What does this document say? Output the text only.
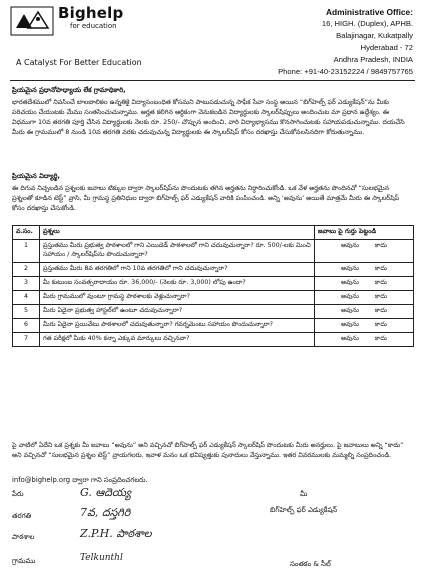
Bighelp
for education
A Catalyst For Better Education
Administrative Office:
16, HIGH. (Duplex), APHB.
Balajinagar, Kukatpally
Hyderabad - 72
Andhra Pradesh, INDIA
Phone: +91-40-23152224 / 9849757765
ప్రియమైన ప్రధానోపాధ్యాయ లేక గ్రామాధికారి,
భారతదేశములో నివసించే బాలబాలికల ఉన్నతికై విద్యాసంబంధిత కోసమని పాటుపడుచున్న సాఫీక సేవా సంస్థ అయిన “బిగ్‌హెల్ప్ ఫర్ ఎడ్యుకేషన్”ను మీకు పరిచయం చేయుటకు మేము సంతసించుచున్నాము. అర్హత కలిగిన ఆర్థికంగా వెనుకబడిన విద్యార్థులకు స్కాలర్‌షిప్పులు అందించుట మా ప్రధాన ఉద్దేశ్యం. ఈ విధముగా 10వ తరగతి పూర్తి చేసిన విద్యార్థులకు నెలకు రూ. 250/- చొప్పున అందించి, వారి విద్యాభ్యాసము కొనసాగించుటకు సహాయపడుచున్నాము. దయచేసి మీరు ఈ గ్రామములో 8 నుండి 10వ తరగతి వరకు చదువుచున్న విద్యార్థులకు ఈ స్కాలర్‌షిప్ కోసం దరఖాస్తు చేసుకోవలసినదిగా కోరుతున్నాము.
ప్రియమైన విద్యార్థి,
ఈ దిగువ నిచ్చబడిన ప్రశ్నలకు జవాబు టిక్కుల ద్వారా స్కాలర్‌షిప్‌ను పొందుటకు తగిన అర్హతను నిర్ధారించుకోండి. ఒక వేళ అర్హతను పొందినచో “సులభమైన ప్రశ్నలతో కూడిన టెస్ట్” వ్రాసి, మీ గ్రామస్థ ప్రతినిధుల ద్వారా బిగ్‌హెల్ప్ ఫర్ ఎడ్యుకేషన్ వారికి పంపించండి. అన్ని ‘అవును’ అయితే మాత్రమే మీరు ఈ స్కాలర్‌షిప్ కోసం దరఖాస్తు చేసుకోండి.
వ.సం.	ప్రశ్నలు	జవాబు పై గుర్తు పెట్టండి
1	ప్రస్తుతము మీరు ప్రభుత్వ పాఠశాలలో గాని ఎయిడెడ్ పాఠశాలలో గాని చదువుచున్నారా? రూ. 500/-లకు మించి సహాయం / స్కాలర్‌షిప్‌ను పొందుచున్నారా?	అవును కాదు
2	ప్రస్తుతము మీరు 8వ తరగతిలో గాని 10వ తరగతిలో గాని చదువుచున్నారా?	అవును కాదు
3	మీ కుటుంబ సంవత్సరాదాయం రూ. 36,000/- (నెలకు రూ. 3,000) లోపు ఉందా?	అవును కాదు
4	మీరు గ్రామములో వుంటూ గ్రామస్థ పాఠశాలకు వెళ్లుచున్నారా?	అవును కాదు
5	మీరు ఏదైనా ప్రభుత్వ హాస్టల్‌లో ఉంటూ చదువుచున్నారా?	అవును కాదు
6	మీరు ఏదైనా ప్రయివేటు పాఠశాలలో చదువుతున్నారా? గవర్నమెంటు సహాయం పొందుచున్నారా?	అవును కాదు
7	గత పరీక్షలో మీకు 40% కన్నా ఎక్కువ మార్కులు వచ్చినవా?	అవును కాదు
పై వాటిలో ఏదేని ఒక ప్రశ్నకు మీ జవాబు “అవును” అని వచ్చినచో బిగ్‌హెల్ప్ ఫర్ ఎడ్యుకేషన్ స్కాలర్‌షిప్ పొందుటకు మీరు అనర్హులు. పై జవాబులు అన్ని “కాదు” అని వచ్చినచో “సులభమైన ప్రశ్నల టెస్ట్” వ్రాయగలరు. ఇవాళ మనం ఒక భవిష్యత్తుకు పునాదులు వేస్తున్నాము. ఇతర వివరములకు మమ్మల్ని సంప్రదించండి.
info@bighelp.org ద్వారా గాని సంప్రదించగలరు.
పేరు	G. ఆదెయ్య
తరగతి	7వ, దస్తగిరి
పాఠశాల	Z.P.H. పాఠశాల
గ్రామము	Telkunthl
మీ
బిగ్‌హెల్ప్ ఫర్ ఎడ్యుకేషన్
సంతకం & సీల్
